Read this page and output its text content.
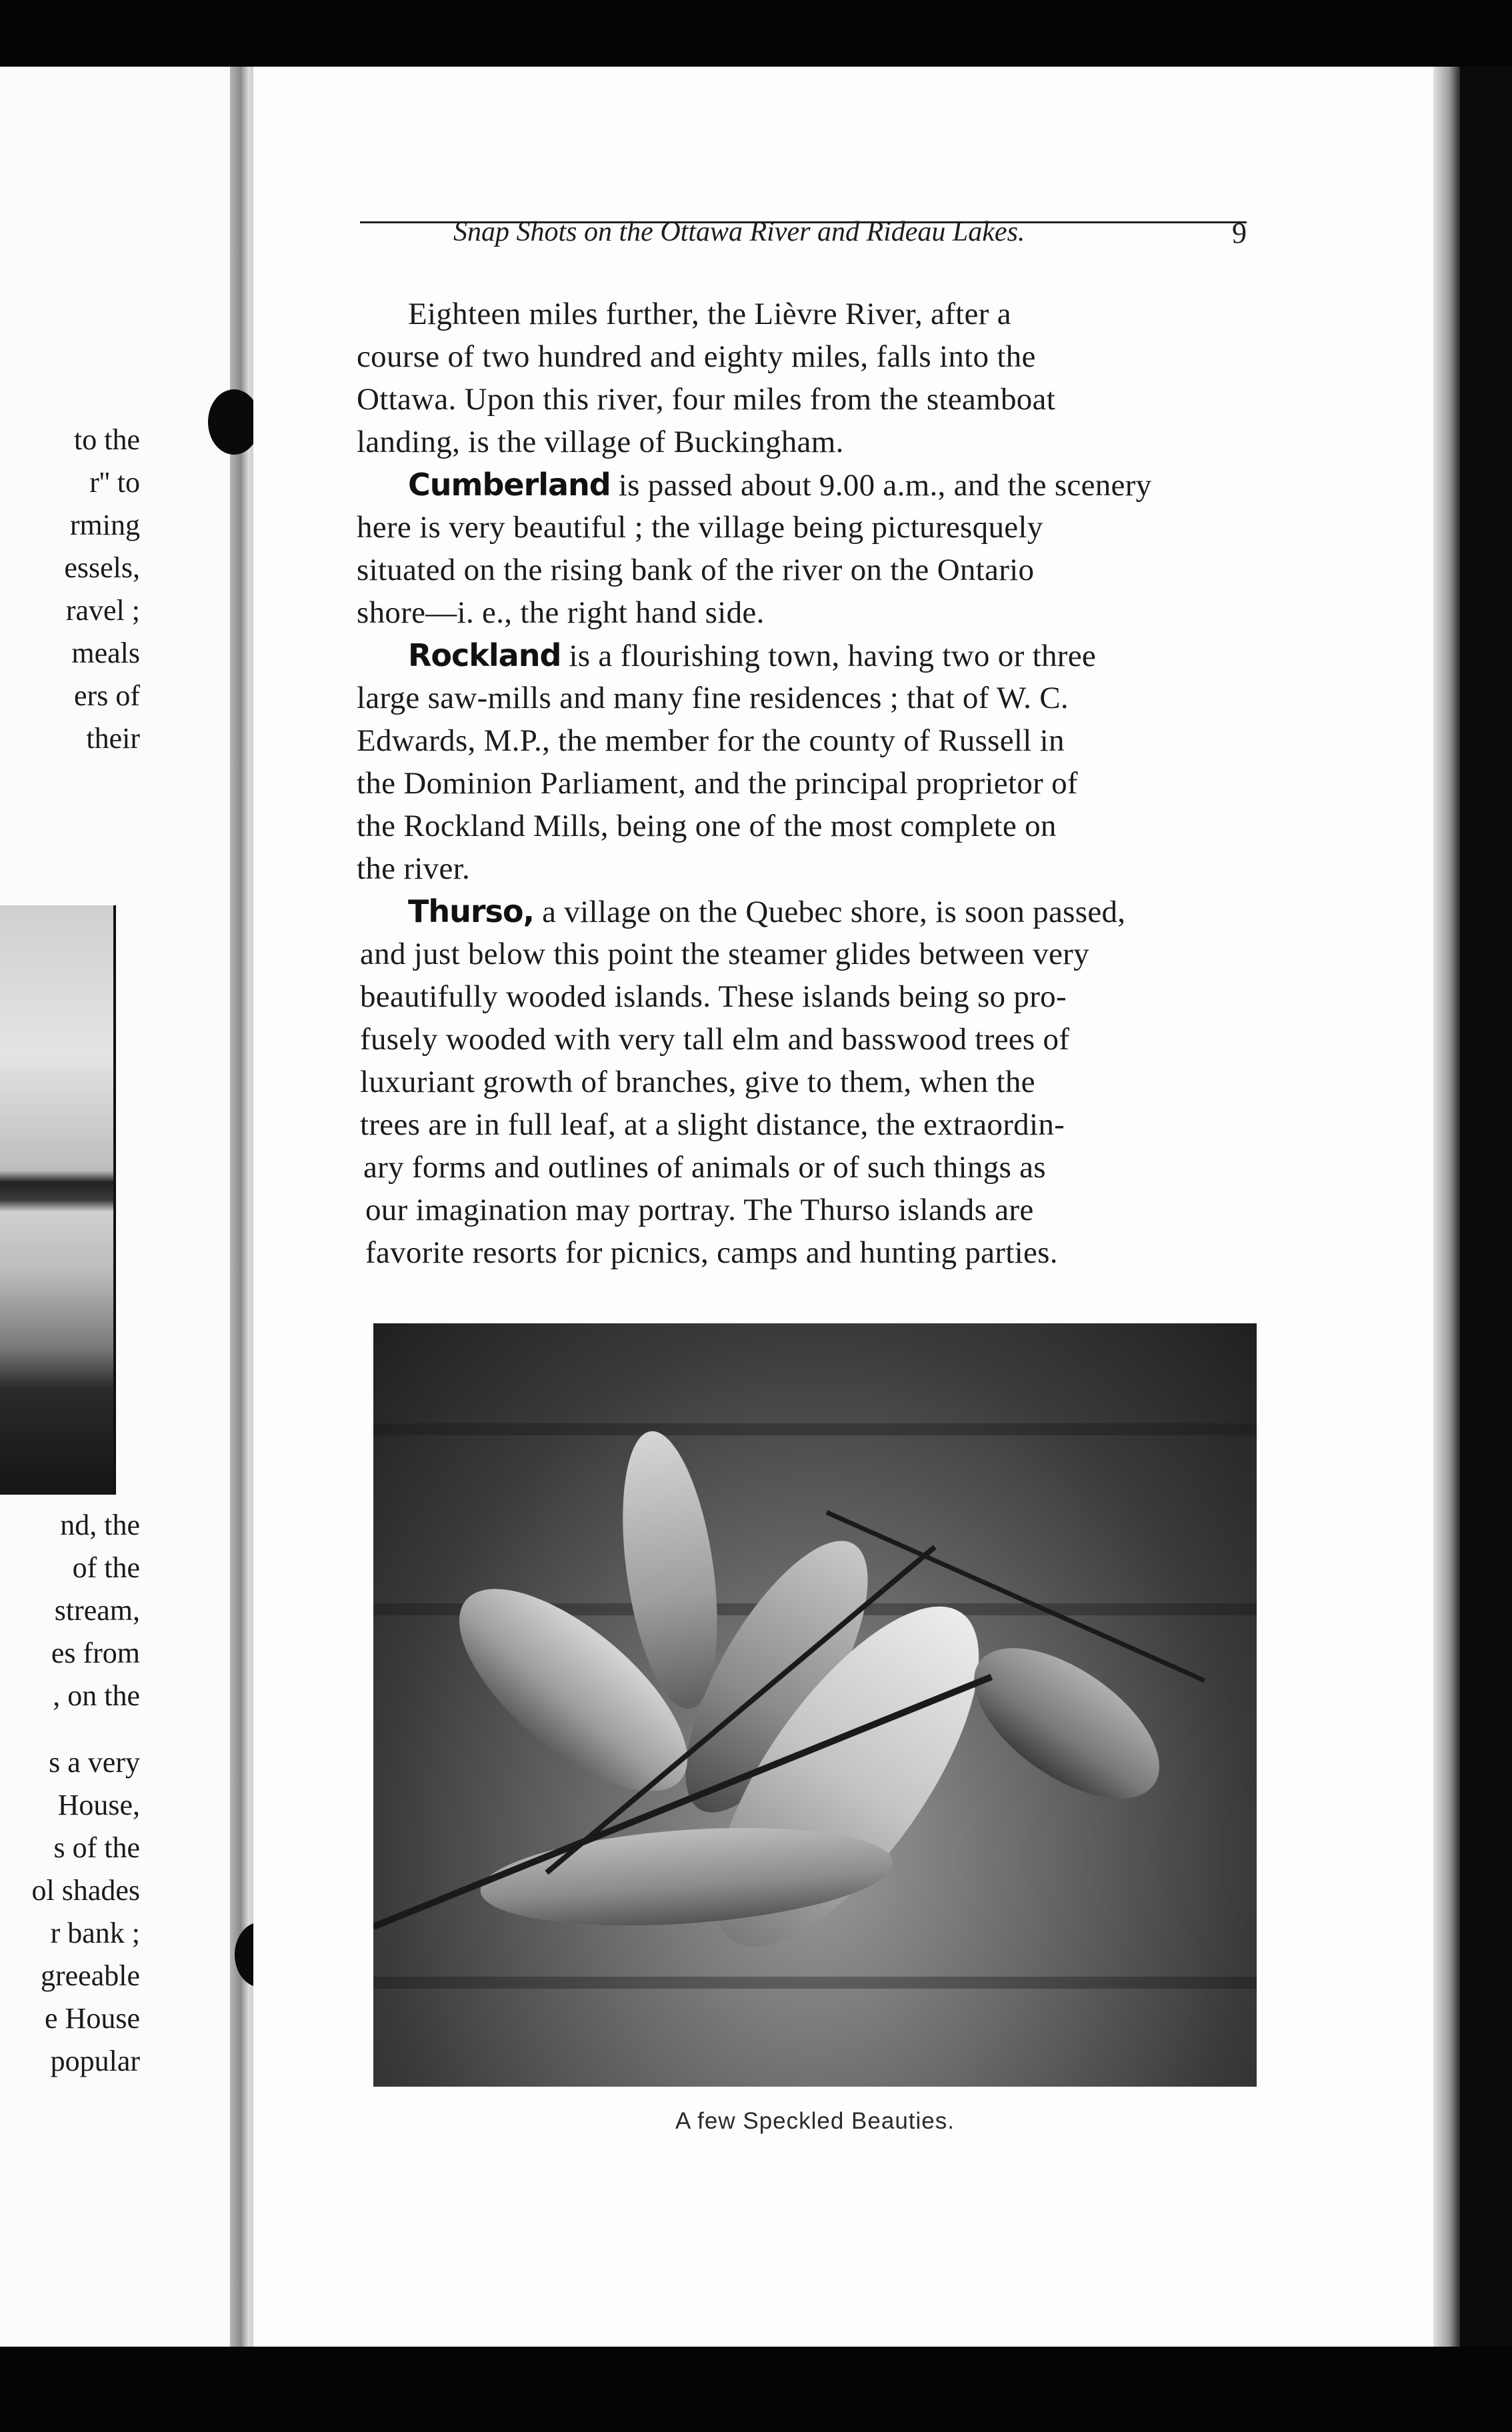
to the
r'' to
rming
essels,
ravel ;
meals
ers of
their
nd, the
of the
stream,
es from
, on the
s a very
House,
s of the
ol shades
r bank ;
greeable
e House
popular
Snap Shots on the Ottawa River and Rideau Lakes.	9
Eighteen miles further, the Lièvre River, after a
course of two hundred and eighty miles, falls into the
Ottawa. Upon this river, four miles from the steamboat
landing, is the village of Buckingham.
Cumberland is passed about 9.00 a.m., and the scenery
here is very beautiful ; the village being picturesquely
situated on the rising bank of the river on the Ontario
shore—i. e., the right hand side.
Rockland is a flourishing town, having two or three
large saw-mills and many fine residences ; that of W. C.
Edwards, M.P., the member for the county of Russell in
the Dominion Parliament, and the principal proprietor of
the Rockland Mills, being one of the most complete on
the river.
Thurso, a village on the Quebec shore, is soon passed,
and just below this point the steamer glides between very
beautifully wooded islands. These islands being so pro-
fusely wooded with very tall elm and basswood trees of
luxuriant growth of branches, give to them, when the
trees are in full leaf, at a slight distance, the extraordin-
ary forms and outlines of animals or of such things as
our imagination may portray. The Thurso islands are
favorite resorts for picnics, camps and hunting parties.
A few Speckled Beauties.
